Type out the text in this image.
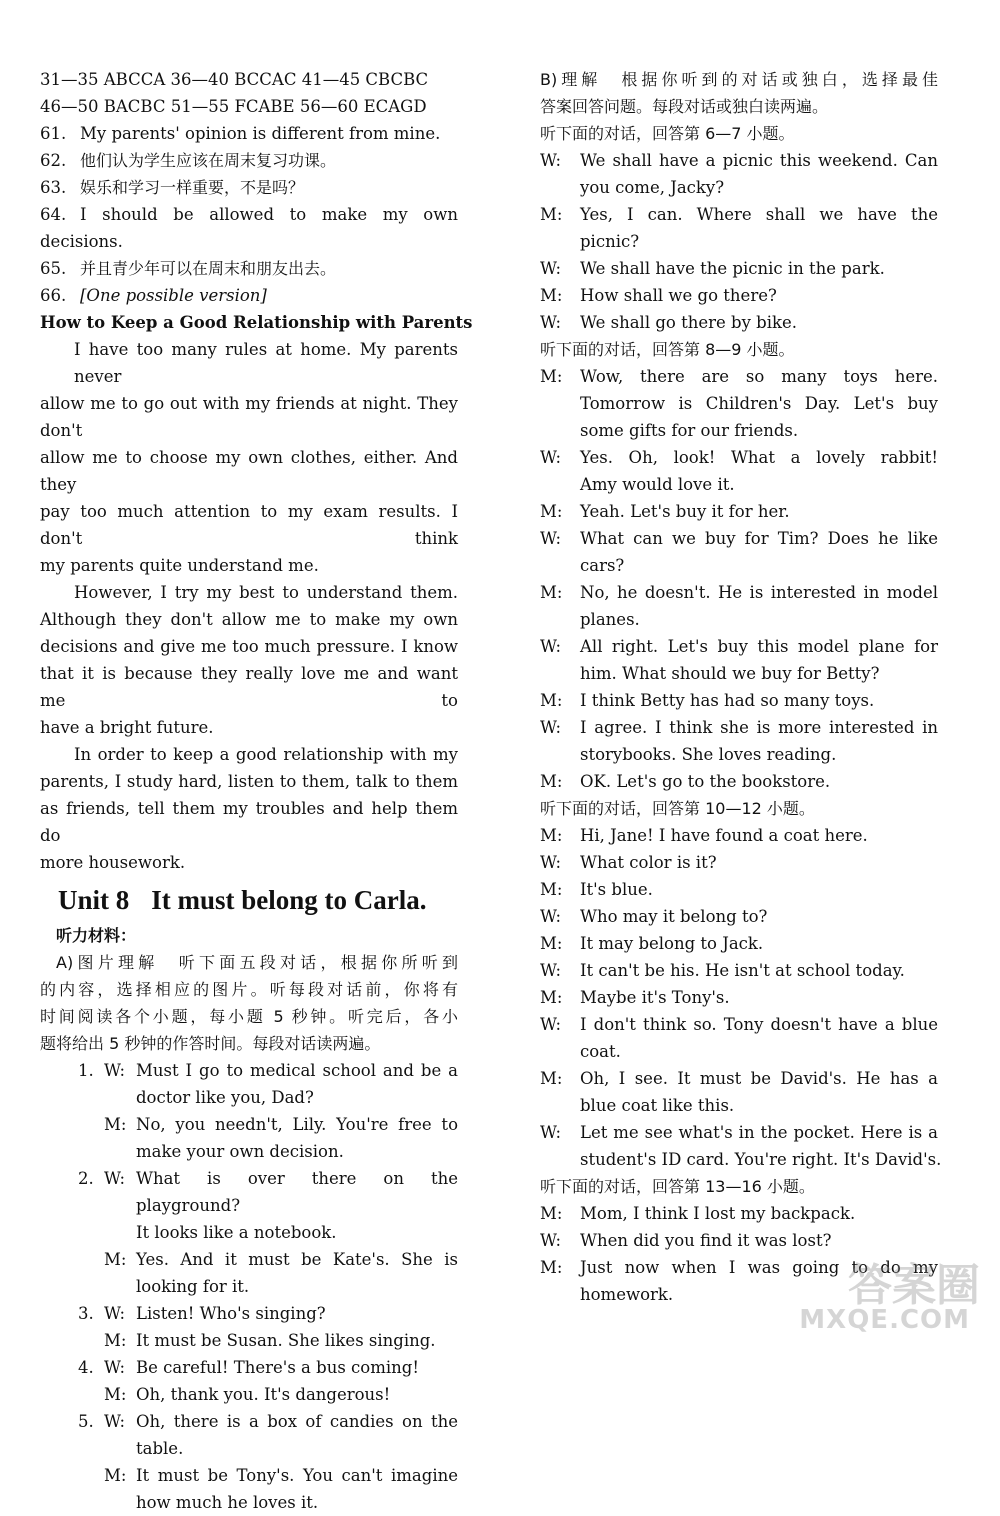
31—35 ABCCA 36—40 BCCAC 41—45 CBCBC
46—50 BACBC 51—55 FCABE 56—60 ECAGD
61. My parents' opinion is different from mine.
62. 他们认为学生应该在周末复习功课。
63. 娱乐和学习一样重要，不是吗？
64. I should be allowed to make my own
decisions.
65. 并且青少年可以在周末和朋友出去。
66. [One possible version]
How to Keep a Good Relationship with Parents
I have too many rules at home. My parents never
allow me to go out with my friends at night. They don't
allow me to choose my own clothes, either. And they
pay too much attention to my exam results. I don't think
my parents quite understand me.
However, I try my best to understand them.
Although they don't allow me to make my own
decisions and give me too much pressure. I know
that it is because they really love me and want me to
have a bright future.
In order to keep a good relationship with my
parents, I study hard, listen to them, talk to them
as friends, tell them my troubles and help them do
more housework.
Unit 8 It must belong to Carla.
听力材料：
A)图片理解　听下面五段对话，根据你所听到
的内容，选择相应的图片。听每段对话前，你将有
时间阅读各个小题，每小题 5 秒钟。听完后，各小
题将给出 5 秒钟的作答时间。每段对话读两遍。
1. W: Must I go to medical school and be a
doctor like you, Dad?
M: No, you needn't, Lily. You're free to
make your own decision.
2. W: What is over there on the playground?
It looks like a notebook.
M: Yes. And it must be Kate's. She is
looking for it.
3. W: Listen! Who's singing?
M: It must be Susan. She likes singing.
4. W: Be careful! There's a bus coming!
M: Oh, thank you. It's dangerous!
5. W: Oh, there is a box of candies on the
table.
M: It must be Tony's. You can't imagine
how much he loves it.
B)理解　根据你听到的对话或独白，选择最佳
答案回答问题。每段对话或独白读两遍。
听下面的对话，回答第 6—7 小题。
W:	We shall have a picnic this weekend. Can
you come, Jacky?
M:	Yes, I can. Where shall we have the
picnic?
W:	We shall have the picnic in the park.
M:	How shall we go there?
W:	We shall go there by bike.
听下面的对话，回答第 8—9 小题。
M:	Wow, there are so many toys here.
Tomorrow is Children's Day. Let's buy
some gifts for our friends.
W:	Yes. Oh, look! What a lovely rabbit!
Amy would love it.
M:	Yeah. Let's buy it for her.
W:	What can we buy for Tim? Does he like
cars?
M:	No, he doesn't. He is interested in model
planes.
W:	All right. Let's buy this model plane for
him. What should we buy for Betty?
M:	I think Betty has had so many toys.
W:	I agree. I think she is more interested in
storybooks. She loves reading.
M:	OK. Let's go to the bookstore.
听下面的对话，回答第 10—12 小题。
M:	Hi, Jane! I have found a coat here.
W:	What color is it?
M:	It's blue.
W:	Who may it belong to?
M:	It may belong to Jack.
W:	It can't be his. He isn't at school today.
M:	Maybe it's Tony's.
W:	I don't think so. Tony doesn't have a blue
coat.
M:	Oh, I see. It must be David's. He has a
blue coat like this.
W:	Let me see what's in the pocket. Here is a
student's ID card. You're right. It's David's.
听下面的对话，回答第 13—16 小题。
M:	Mom, I think I lost my backpack.
W:	When did you find it was lost?
M:	Just now when I was going to do my
homework.	答案圈
MXQE.COM
